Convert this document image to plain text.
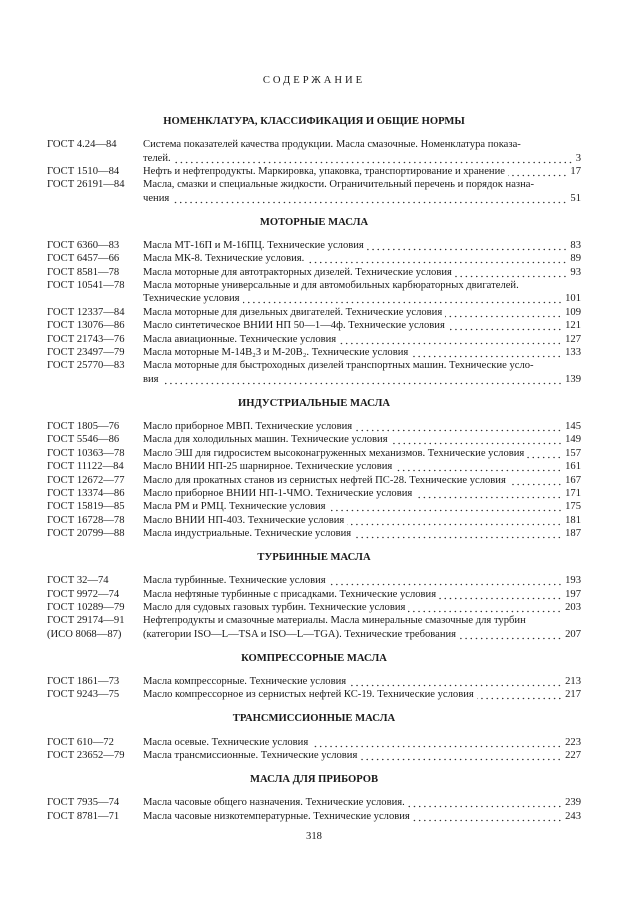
СОДЕРЖАНИЕ
НОМЕНКЛАТУРА, КЛАССИФИКАЦИЯ И ОБЩИЕ НОРМЫ
ГОСТ 4.24—84	Система показателей качества продукции. Масла смазочные. Номенклатура показа-
телей.	3
ГОСТ 1510—84	Нефть и нефтепродукты. Маркировка, упаковка, транспортирование и хранение	17
ГОСТ 26191—84	Масла, смазки и специальные жидкости. Ограничительный перечень и порядок назна-
чения	51
МОТОРНЫЕ МАСЛА
ГОСТ 6360—83	Масла МТ-16П и М-16ПЦ. Технические условия	83
ГОСТ 6457—66	Масла МК-8. Технические условия.	89
ГОСТ 8581—78	Масла моторные для автотракторных дизелей. Технические условия	93
ГОСТ 10541—78	Масла моторные универсальные и для автомобильных карбюраторных двигателей.
Технические условия	101
ГОСТ 12337—84	Масла моторные для дизельных двигателей. Технические условия	109
ГОСТ 13076—86	Масло синтетическое ВНИИ НП 50—1—4ф. Технические условия	121
ГОСТ 21743—76	Масла авиационные. Технические условия	127
ГОСТ 23497—79	Масла моторные М-14В₂З и М-20В₂. Технические условия	133
ГОСТ 25770—83	Масла моторные для быстроходных дизелей транспортных машин. Технические усло-
вия	139
ИНДУСТРИАЛЬНЫЕ МАСЛА
ГОСТ 1805—76	Масло приборное МВП. Технические условия	145
ГОСТ 5546—86	Масла для холодильных машин. Технические условия	149
ГОСТ 10363—78	Масло ЭШ для гидросистем высоконагруженных механизмов. Технические условия	157
ГОСТ 11122—84	Масло ВНИИ НП-25 шарнирное. Технические условия	161
ГОСТ 12672—77	Масло для прокатных станов из сернистых нефтей ПС-28. Технические условия	167
ГОСТ 13374—86	Масло приборное ВНИИ НП-1-ЧМО. Технические условия	171
ГОСТ 15819—85	Масла РМ и РМЦ. Технические условия	175
ГОСТ 16728—78	Масло ВНИИ НП-403. Технические условия	181
ГОСТ 20799—88	Масла индустриальные. Технические условия	187
ТУРБИННЫЕ МАСЛА
ГОСТ 32—74	Масла турбинные. Технические условия	193
ГОСТ 9972—74	Масла нефтяные турбинные с присадками. Технические условия	197
ГОСТ 10289—79	Масло для судовых газовых турбин. Технические условия	203
ГОСТ 29174—91
(ИСО 8068—87)
Нефтепродукты и смазочные материалы. Масла минеральные смазочные для турбин
(категории ISO—L—TSA и ISO—L—TGA). Технические требования	207
КОМПРЕССОРНЫЕ МАСЛА
ГОСТ 1861—73	Масла компрессорные. Технические условия	213
ГОСТ 9243—75	Масло компрессорное из сернистых нефтей КС-19. Технические условия	217
ТРАНСМИССИОННЫЕ МАСЛА
ГОСТ 610—72	Масла осевые. Технические условия	223
ГОСТ 23652—79	Масла трансмиссионные. Технические условия	227
МАСЛА ДЛЯ ПРИБОРОВ
ГОСТ 7935—74	Масла часовые общего назначения. Технические условия.	239
ГОСТ 8781—71	Масла часовые низкотемпературные. Технические условия	243
318
